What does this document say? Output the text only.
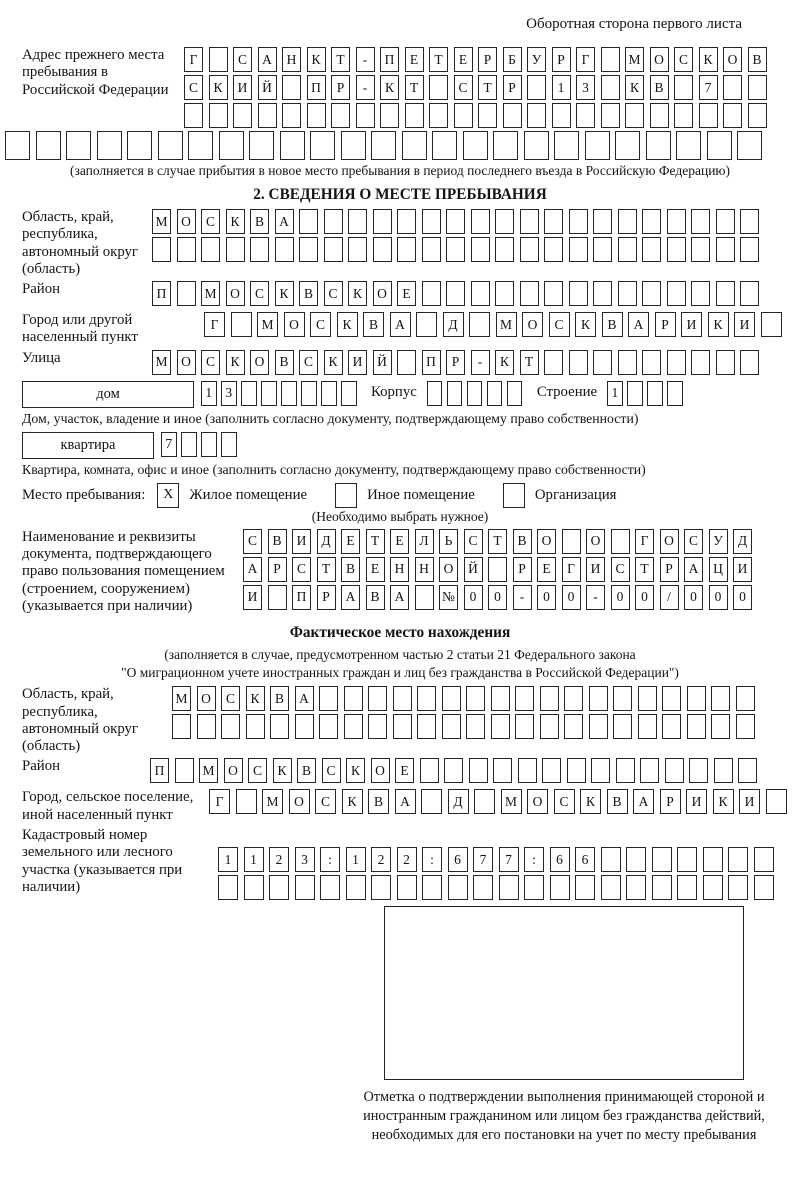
Оборотная сторона первого листа
Адрес прежнего места пребывания в Российской Федерации
Г	С	А	Н	К	Т	-	П	Е	Т	Е	Р	Б	У	Р	Г	М	О	С	К	О	В
С	К	И	Й	П	Р	-	К	Т	С	Т	Р	1	3	К	В	7
(заполняется в случае прибытия в новое место пребывания в период последнего въезда в Российскую Федерацию)
2. СВЕДЕНИЯ О МЕСТЕ ПРЕБЫВАНИЯ
Область, край, республика, автономный округ (область)
М	О	С	К	В	А
Район	П	М	О	С	К	В	С	К	О	Е
Город или другой населенный пункт
Г	М	О	С	К	В	А	Д	М	О	С	К	В	А	Р	И	К	И
Улица	М	О	С	К	О	В	С	К	И	Й	П	Р	-	К	Т
дом	1 3	Корпус	Строение	1
Дом, участок, владение и иное (заполнить согласно документу, подтверждающему право собственности)
квартира	7
Квартира, комната, офис и иное (заполнить согласно документу, подтверждающему право собственности)
Место пребывания:	X	Жилое помещение	Иное помещение	Организация
(Необходимо выбрать нужное)
Наименование и реквизиты документа, подтверждающего право пользования помещением (строением, сооружением) (указывается при наличии)
С	В	И	Д	Е	Т	Е	Л	Ь	С	Т	В	О	О	Г	О	С	У	Д
А	Р	С	Т	В	Е	Н	Н	О	Й	Р	Е	Г	И	С	Т	Р	А	Ц	И
И	П	Р	А	В	А	№	0	0	-	0	0	-	0	0	/	0	0	0
Фактическое место нахождения
(заполняется в случае, предусмотренном частью 2 статьи 21 Федерального закона
"О миграционном учете иностранных граждан и лиц без гражданства в Российской Федерации")
Область, край, республика, автономный округ (область)
М	О	С	К	В	А
Район	П	М	О	С	К	В	С	К	О	Е
Город, сельское поселение, иной населенный пункт
Г	М	О	С	К	В	А	Д	М	О	С	К	В	А	Р	И	К	И
Кадастровый номер земельного или лесного участка (указывается при наличии)
1	1	2	3	:	1	2	2	:	6	7	7	:	6	6
Отметка о подтверждении выполнения принимающей стороной и иностранным гражданином или лицом без гражданства действий, необходимых для его постановки на учет по месту пребывания
